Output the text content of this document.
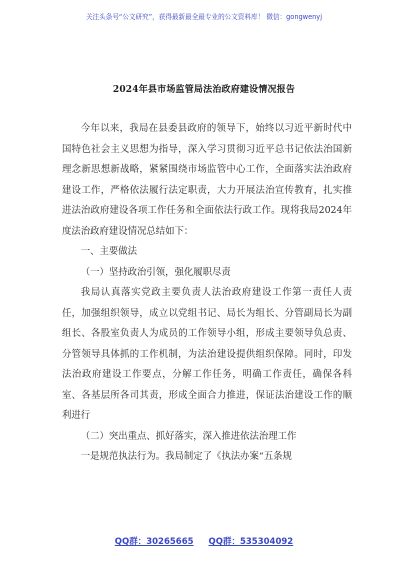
关注头条号“公文研究”，获得最新最全最专业的公文资料库！ 微信：gongwenyj
2024年县市场监管局法治政府建设情况报告

今年以来，我局在县委县政府的领导下，始终以习近平新时代中国特色社会主义思想为指导，深入学习贯彻习近平总书记依法治国新理念新思想新战略，紧紧围绕市场监管中心工作，全面落实法治政府建设工作，严格依法履行法定职责，大力开展法治宣传教育，扎实推进法治政府建设各项工作任务和全面依法行政工作。现将我局2024年度法治政府建设情况总结如下：

一、主要做法

（一）坚持政治引领，强化履职尽责

我局认真落实党政主要负责人法治政府建设工作第一责任人责任，加强组织领导，成立以党组书记、局长为组长、分管副局长为副组长、各股室负责人为成员的工作领导小组，形成主要领导负总责、分管领导具体抓的工作机制，为法治建设提供组织保障。同时，印发法治政府建设工作要点，分解工作任务，明确工作责任，确保各科室、各基层所各司其责，形成全面合力推进，保证法治建设工作的顺利进行

（二）突出重点、抓好落实，深入推进依法治理工作

一是规范执法行为。我局制定了《执法办案“五条规

QQ群：30265665 QQ群：535304092
